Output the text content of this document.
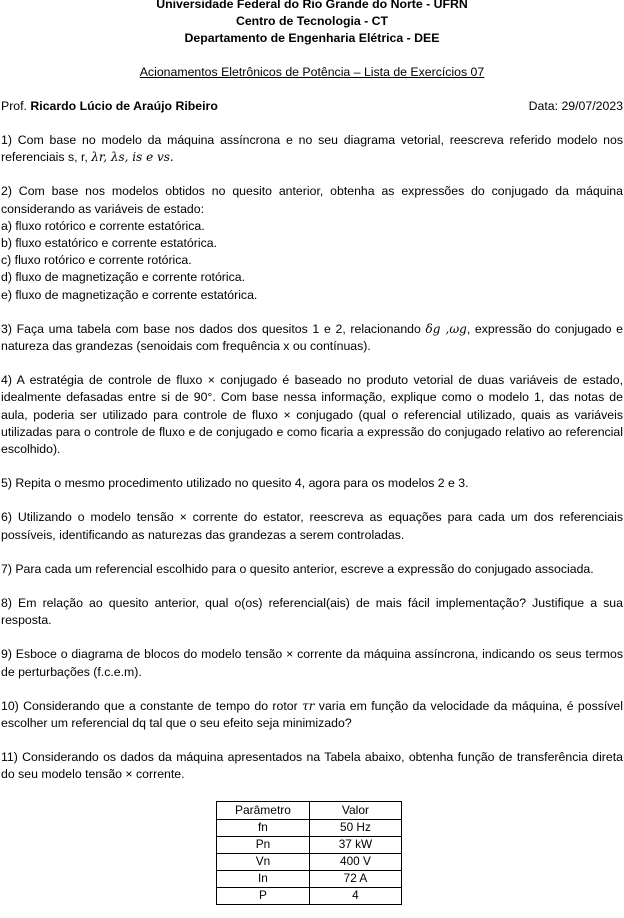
Universidade Federal do Rio Grande do Norte - UFRN
Centro de Tecnologia - CT
Departamento de Engenharia Elétrica - DEE
Acionamentos Eletrônicos de Potência – Lista de Exercícios 07
Prof. Ricardo Lúcio de Araújo Ribeiro	Data: 29/07/2023

1) Com base no modelo da máquina assíncrona e no seu diagrama vetorial, reescreva referido modelo nos referenciais s, r, λr, λs, is e vs.

2) Com base nos modelos obtidos no quesito anterior, obtenha as expressões do conjugado da máquina considerando as variáveis de estado:

a) fluxo rotórico e corrente estatórica.

b) fluxo estatórico e corrente estatórica.

c) fluxo rotórico e corrente rotórica.

d) fluxo de magnetização e corrente rotórica.

e) fluxo de magnetização e corrente estatórica.

3) Faça uma tabela com base nos dados dos quesitos 1 e 2, relacionando δg ,ωg, expressão do conjugado e natureza das grandezas (senoidais com frequência x ou contínuas).

4) A estratégia de controle de fluxo × conjugado é baseado no produto vetorial de duas variáveis de estado, idealmente defasadas entre si de 90°. Com base nessa informação, explique como o modelo 1, das notas de aula, poderia ser utilizado para controle de fluxo × conjugado (qual o referencial utilizado, quais as variáveis utilizadas para o controle de fluxo e de conjugado e como ficaria a expressão do conjugado relativo ao referencial escolhido).

5) Repita o mesmo procedimento utilizado no quesito 4, agora para os modelos 2 e 3.

6) Utilizando o modelo tensão × corrente do estator, reescreva as equações para cada um dos referenciais possíveis, identificando as naturezas das grandezas a serem controladas.

7) Para cada um referencial escolhido para o quesito anterior, escreve a expressão do conjugado associada.

8) Em relação ao quesito anterior, qual o(os) referencial(ais) de mais fácil implementação? Justifique a sua resposta.

9) Esboce o diagrama de blocos do modelo tensão × corrente da máquina assíncrona, indicando os seus termos de perturbações (f.c.e.m).

10) Considerando que a constante de tempo do rotor τr varia em função da velocidade da máquina, é possível escolher um referencial dq tal que o seu efeito seja minimizado?

11) Considerando os dados da máquina apresentados na Tabela abaixo, obtenha função de transferência direta do seu modelo tensão × corrente.

Parâmetro	Valor
fn	50 Hz
Pn	37 kW
Vn	400 V
In	72 A
P	4
